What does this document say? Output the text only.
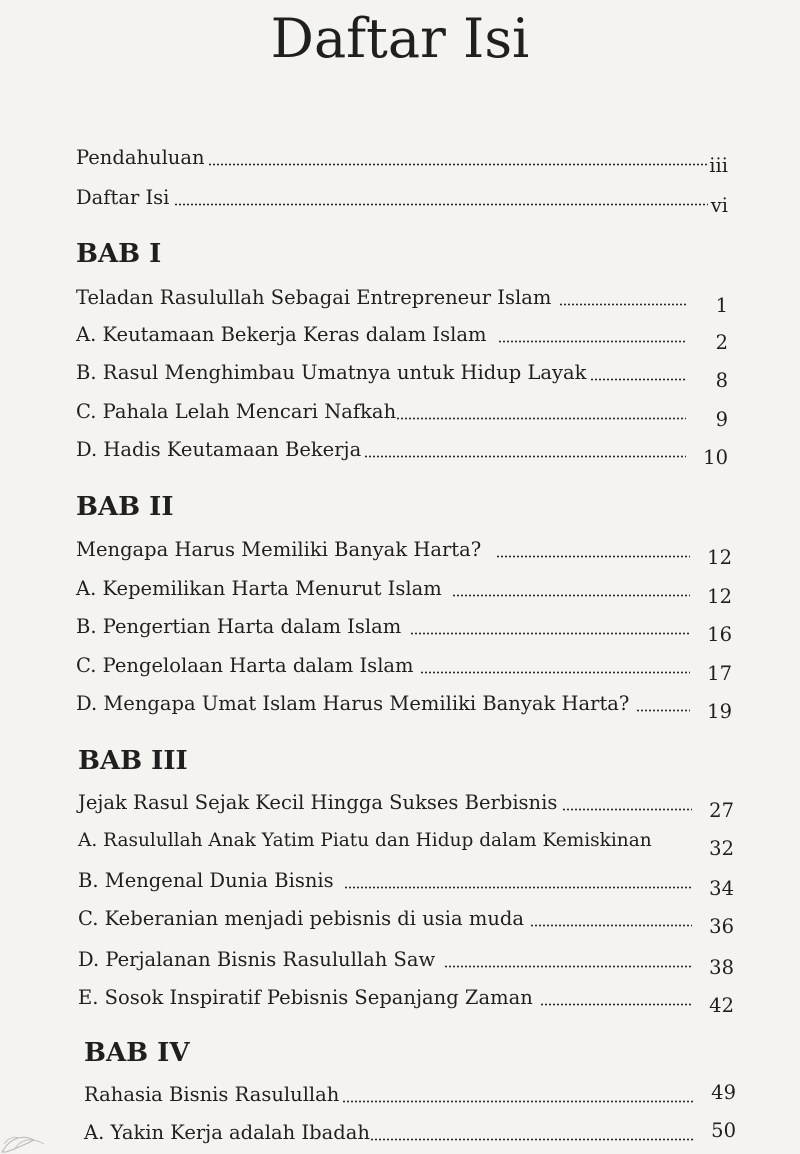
Daftar Isi
Pendahuluan	iii
Daftar Isi	vi
BAB I
Teladan Rasulullah Sebagai Entrepreneur Islam	1
A. Keutamaan Bekerja Keras dalam Islam	2
B. Rasul Menghimbau Umatnya untuk Hidup Layak	8
C. Pahala Lelah Mencari Nafkah	9
D. Hadis Keutamaan Bekerja	10
BAB II
Mengapa Harus Memiliki Banyak Harta?	12
A. Kepemilikan Harta Menurut Islam	12
B. Pengertian Harta dalam Islam	16
C. Pengelolaan Harta dalam Islam	17
D. Mengapa Umat Islam Harus Memiliki Banyak Harta?	19
BAB III
Jejak Rasul Sejak Kecil Hingga Sukses Berbisnis	27
A. Rasulullah Anak Yatim Piatu dan Hidup dalam Kemiskinan	32
B. Mengenal Dunia Bisnis	34
C. Keberanian menjadi pebisnis di usia muda	36
D. Perjalanan Bisnis Rasulullah Saw	38
E. Sosok Inspiratif Pebisnis Sepanjang Zaman	42
BAB IV
Rahasia Bisnis Rasulullah	49
A. Yakin Kerja adalah Ibadah	50
